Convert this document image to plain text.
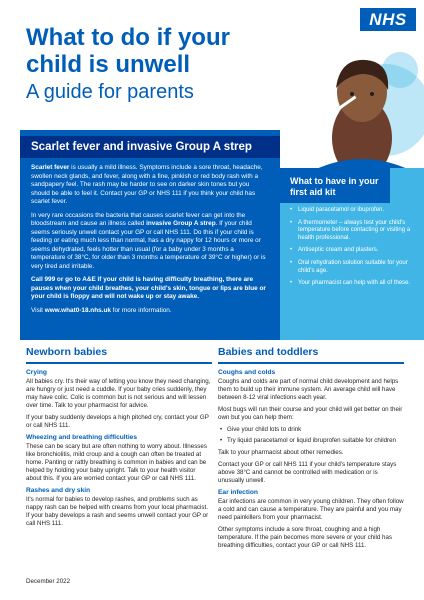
NHS
What to do if your child is unwell
A guide for parents
Scarlet fever and invasive Group A strep

Scarlet fever is usually a mild illness. Symptoms include a sore throat, headache, swollen neck glands, and fever, along with a fine, pinkish or red body rash with a sandpapery feel. The rash may be harder to see on darker skin tones but you should be able to feel it. Contact your GP or NHS 111 if you think your child has scarlet fever.

In very rare occasions the bacteria that causes scarlet fever can get into the bloodstream and cause an illness called invasive Group A strep. If your child seems seriously unwell contact your GP or call NHS 111. Do this if your child is feeding or eating much less than normal, has a dry nappy for 12 hours or more or seems dehydrated, feels hotter than usual (for a baby under 3 months a temperature of 38°C, for older than 3 months a temperature of 39°C or higher) or is very tired and irritable.

Call 999 or go to A&E if your child is having difficulty breathing, there are pauses when your child breathes, your child's skin, tongue or lips are blue or your child is floppy and will not wake up or stay awake.

Visit www.what0-18.nhs.uk for more information.

What to have in your first aid kit
• Liquid paracetamol or ibuprofen.
• A thermometer – always test your child's temperature before contacting or visiting a health professional.
• Antiseptic cream and plasters.
• Oral rehydration solution suitable for your child's age.
• Your pharmacist can help with all of these.
Newborn babies
Crying

All babies cry. It's their way of letting you know they need changing, are hungry or just need a cuddle. If your baby cries suddenly, they may have colic. Colic is common but is not serious and will lessen over time. Talk to your pharmacist for advice.

If your baby suddenly develops a high pitched cry, contact your GP or call NHS 111.

Wheezing and breathing difficulties

These can be scary but are often nothing to worry about. Illnesses like bronchiolitis, mild croup and a cough can often be treated at home. Panting or rattly breathing is common in babies and can be helped by holding your baby upright. Talk to your health visitor about this. If you are worried contact your GP or call NHS 111.

Rashes and dry skin

It's normal for babies to develop rashes, and problems such as nappy rash can be helped with creams from your local pharmacist. If your baby develops a rash and seems unwell contact your GP or call NHS 111.

Babies and toddlers
Coughs and colds

Coughs and colds are part of normal child development and helps them to build up their immune system. An average child will have between 8-12 viral infections each year.

Most bugs will run their course and your child will get better on their own but you can help them:

• Give your child lots to drink
• Try liquid paracetamol or liquid ibruprofen suitable for children

Talk to your pharmacist about other remedies.

Contact your GP or call NHS 111 if your child's temperature stays above 38°C and cannot be controlled with medication or is unusually unwell.

Ear infection

Ear infections are common in very young children. They often follow a cold and can cause a temperature. They are painful and you may need painkillers from your pharmacist.

Other symptoms include a sore throat, coughing and a high temperature. If the pain becomes more severe or your child has breathing difficulties, contact your GP or call NHS 111.

December 2022
